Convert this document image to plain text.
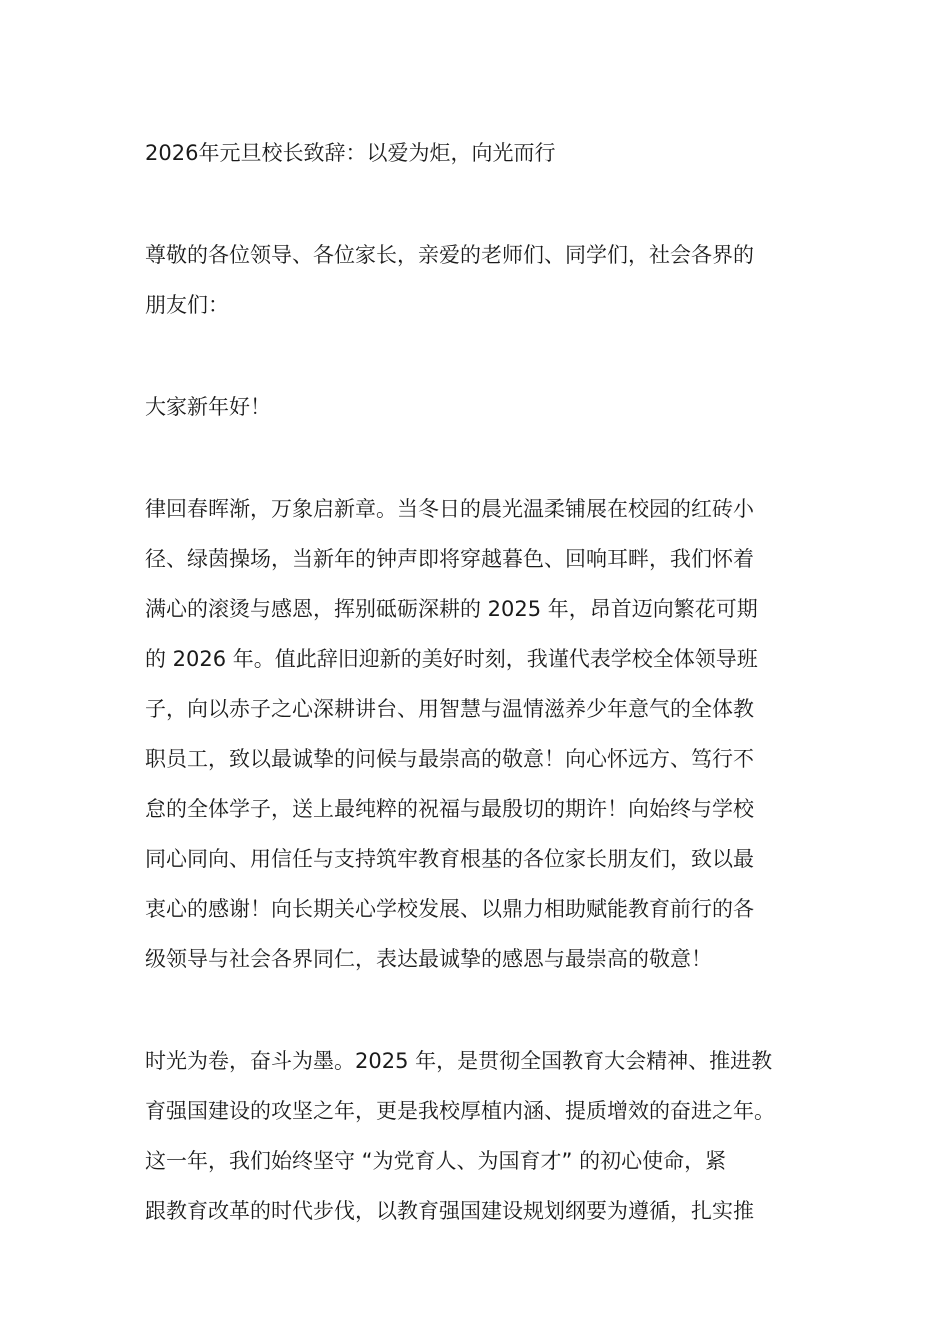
2026年元旦校长致辞：以爱为炬，向光而行

尊敬的各位领导、各位家长，亲爱的老师们、同学们，社会各界的
朋友们：

大家新年好！

律回春晖渐，万象启新章。当冬日的晨光温柔铺展在校园的红砖小
径、绿茵操场，当新年的钟声即将穿越暮色、回响耳畔，我们怀着
满心的滚烫与感恩，挥别砥砺深耕的 2025 年，昂首迈向繁花可期
的 2026 年。值此辞旧迎新的美好时刻，我谨代表学校全体领导班
子，向以赤子之心深耕讲台、用智慧与温情滋养少年意气的全体教
职员工，致以最诚挚的问候与最崇高的敬意！向心怀远方、笃行不
怠的全体学子，送上最纯粹的祝福与最殷切的期许！向始终与学校
同心同向、用信任与支持筑牢教育根基的各位家长朋友们，致以最
衷心的感谢！向长期关心学校发展、以鼎力相助赋能教育前行的各
级领导与社会各界同仁，表达最诚挚的感恩与最崇高的敬意！

时光为卷，奋斗为墨。2025 年，是贯彻全国教育大会精神、推进教
育强国建设的攻坚之年，更是我校厚植内涵、提质增效的奋进之年。
这一年，我们始终坚守 “为党育人、为国育才” 的初心使命，紧
跟教育改革的时代步伐，以教育强国建设规划纲要为遵循，扎实推
